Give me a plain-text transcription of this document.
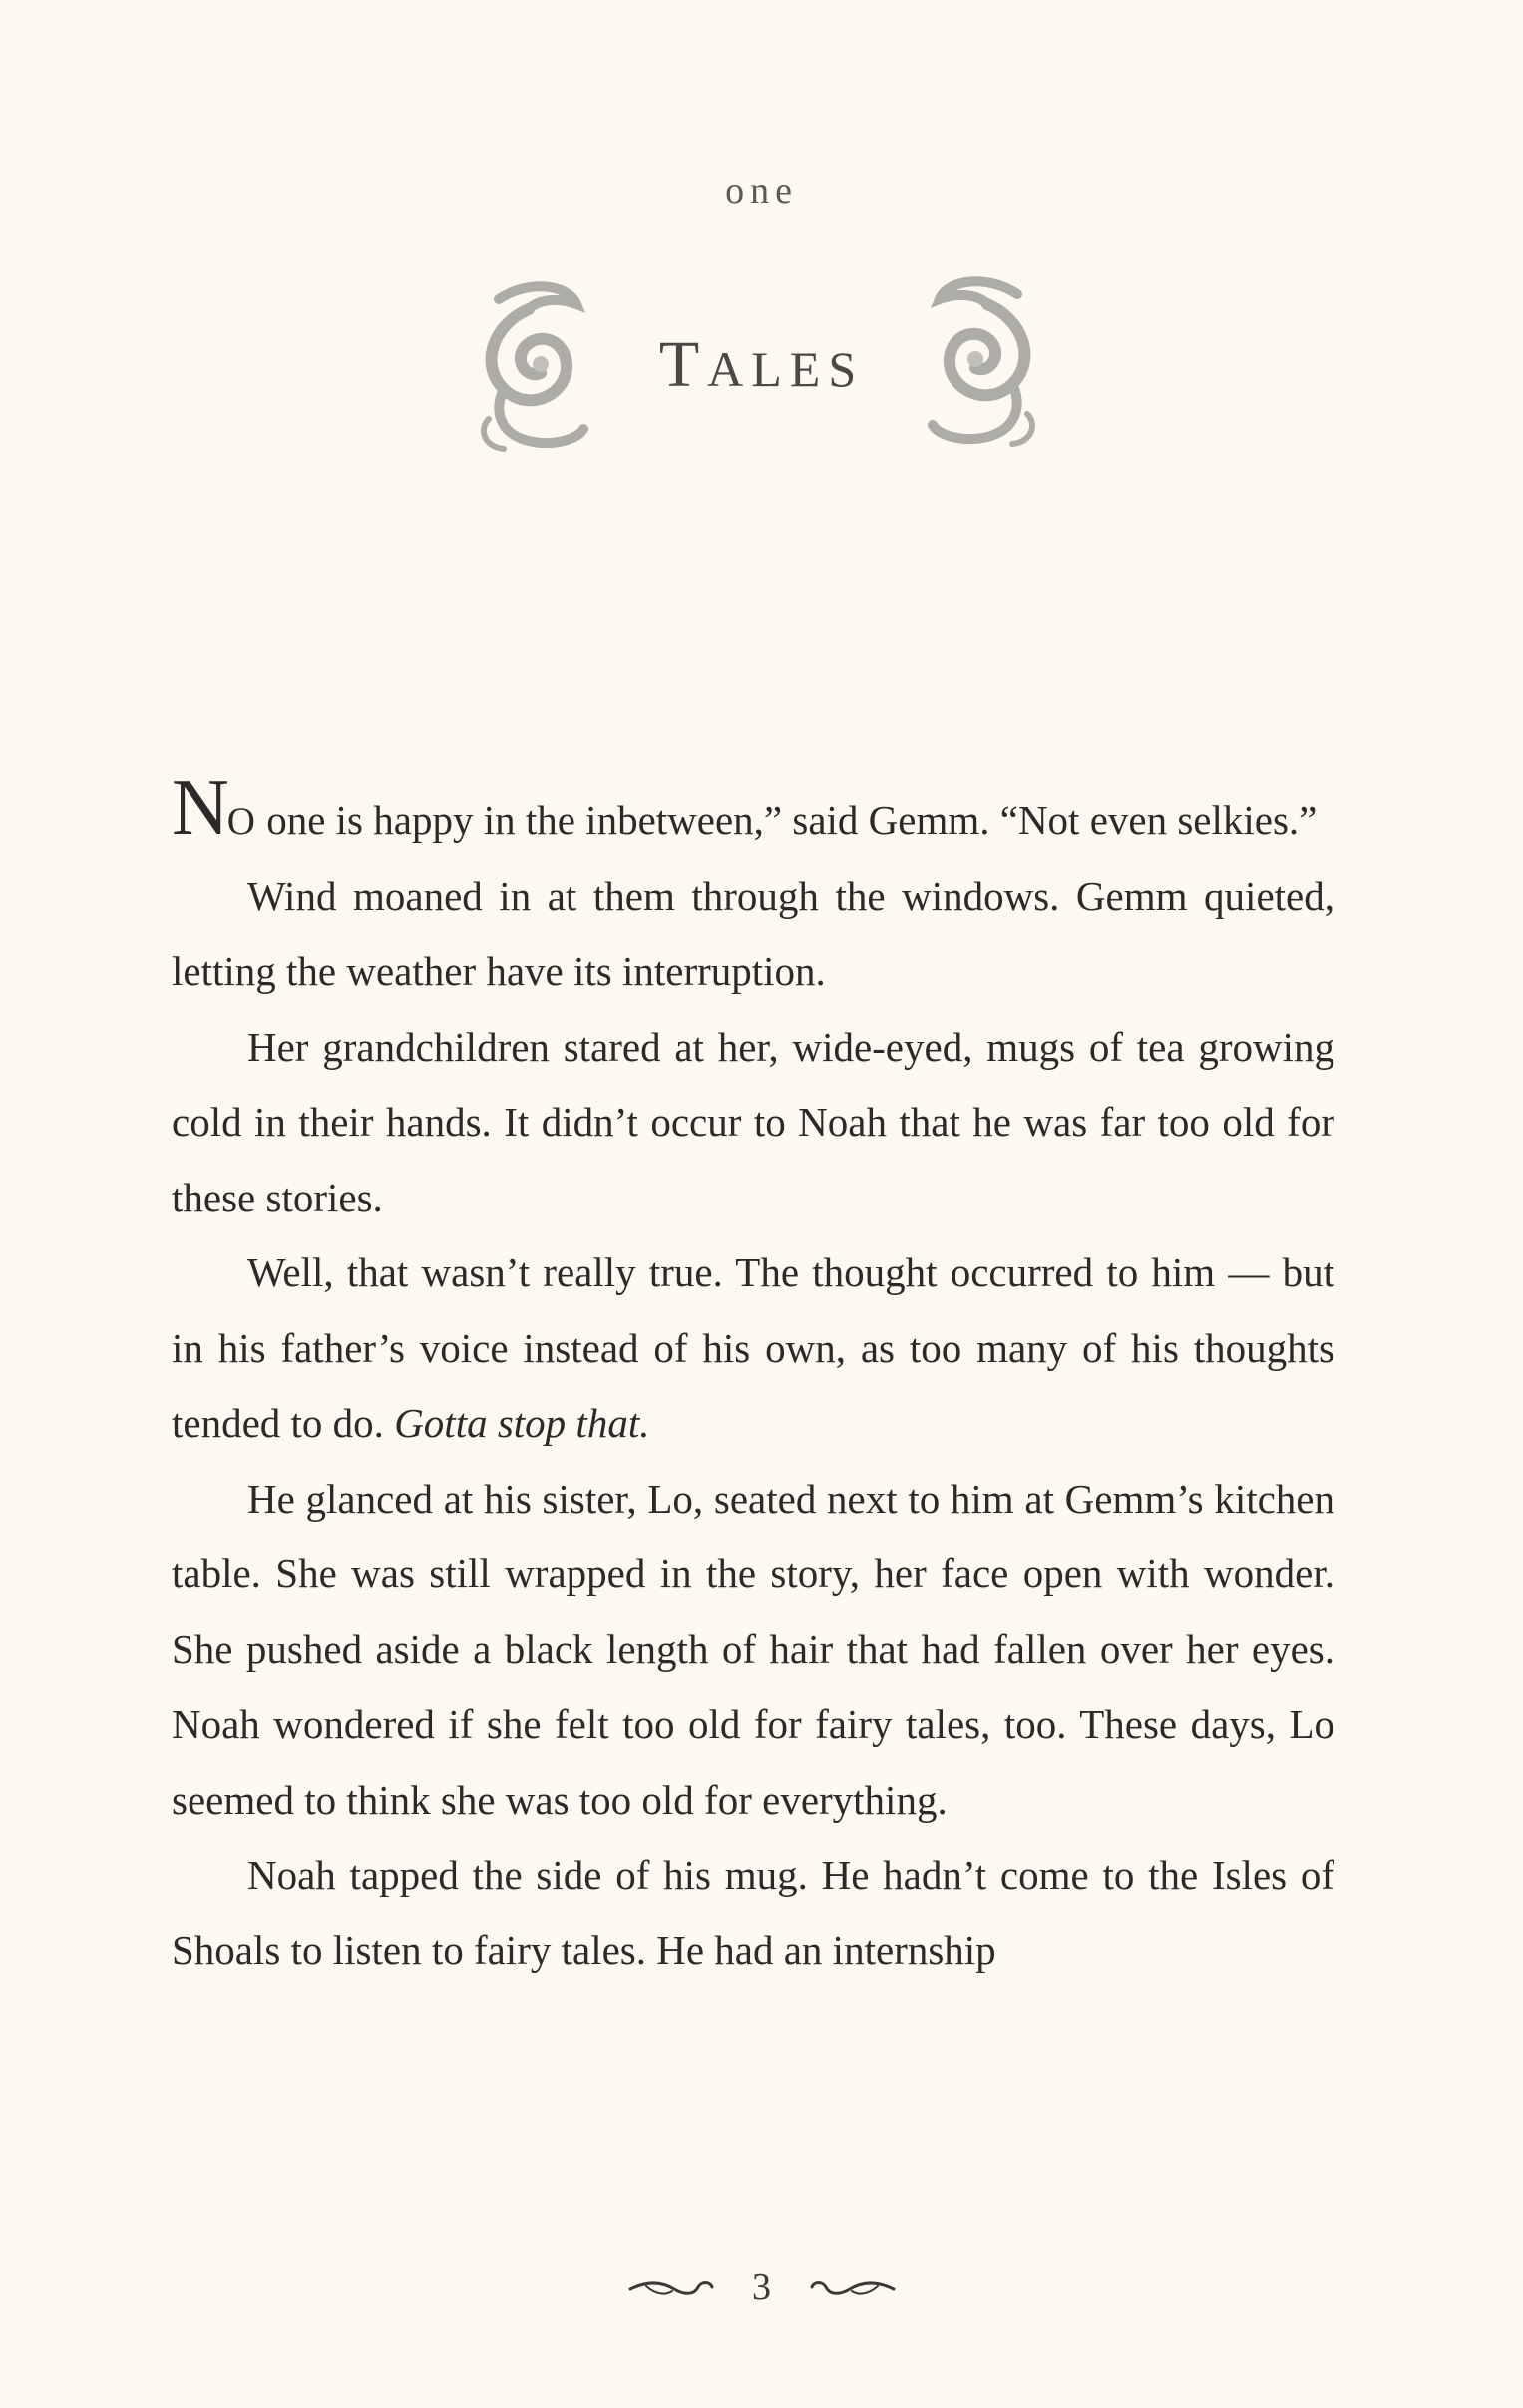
one
TALES

NO one is happy in the inbetween,” said Gemm. “Not even selkies.”

Wind moaned in at them through the windows. Gemm quieted, letting the weather have its interruption.

Her grandchildren stared at her, wide-eyed, mugs of tea growing cold in their hands. It didn’t occur to Noah that he was far too old for these stories.

Well, that wasn’t really true. The thought occurred to him — but in his father’s voice instead of his own, as too many of his thoughts tended to do. Gotta stop that.

He glanced at his sister, Lo, seated next to him at Gemm’s kitchen table. She was still wrapped in the story, her face open with wonder. She pushed aside a black length of hair that had fallen over her eyes. Noah wondered if she felt too old for fairy tales, too. These days, Lo seemed to think she was too old for everything.

Noah tapped the side of his mug. He hadn’t come to the Isles of Shoals to listen to fairy tales. He had an internship

3
